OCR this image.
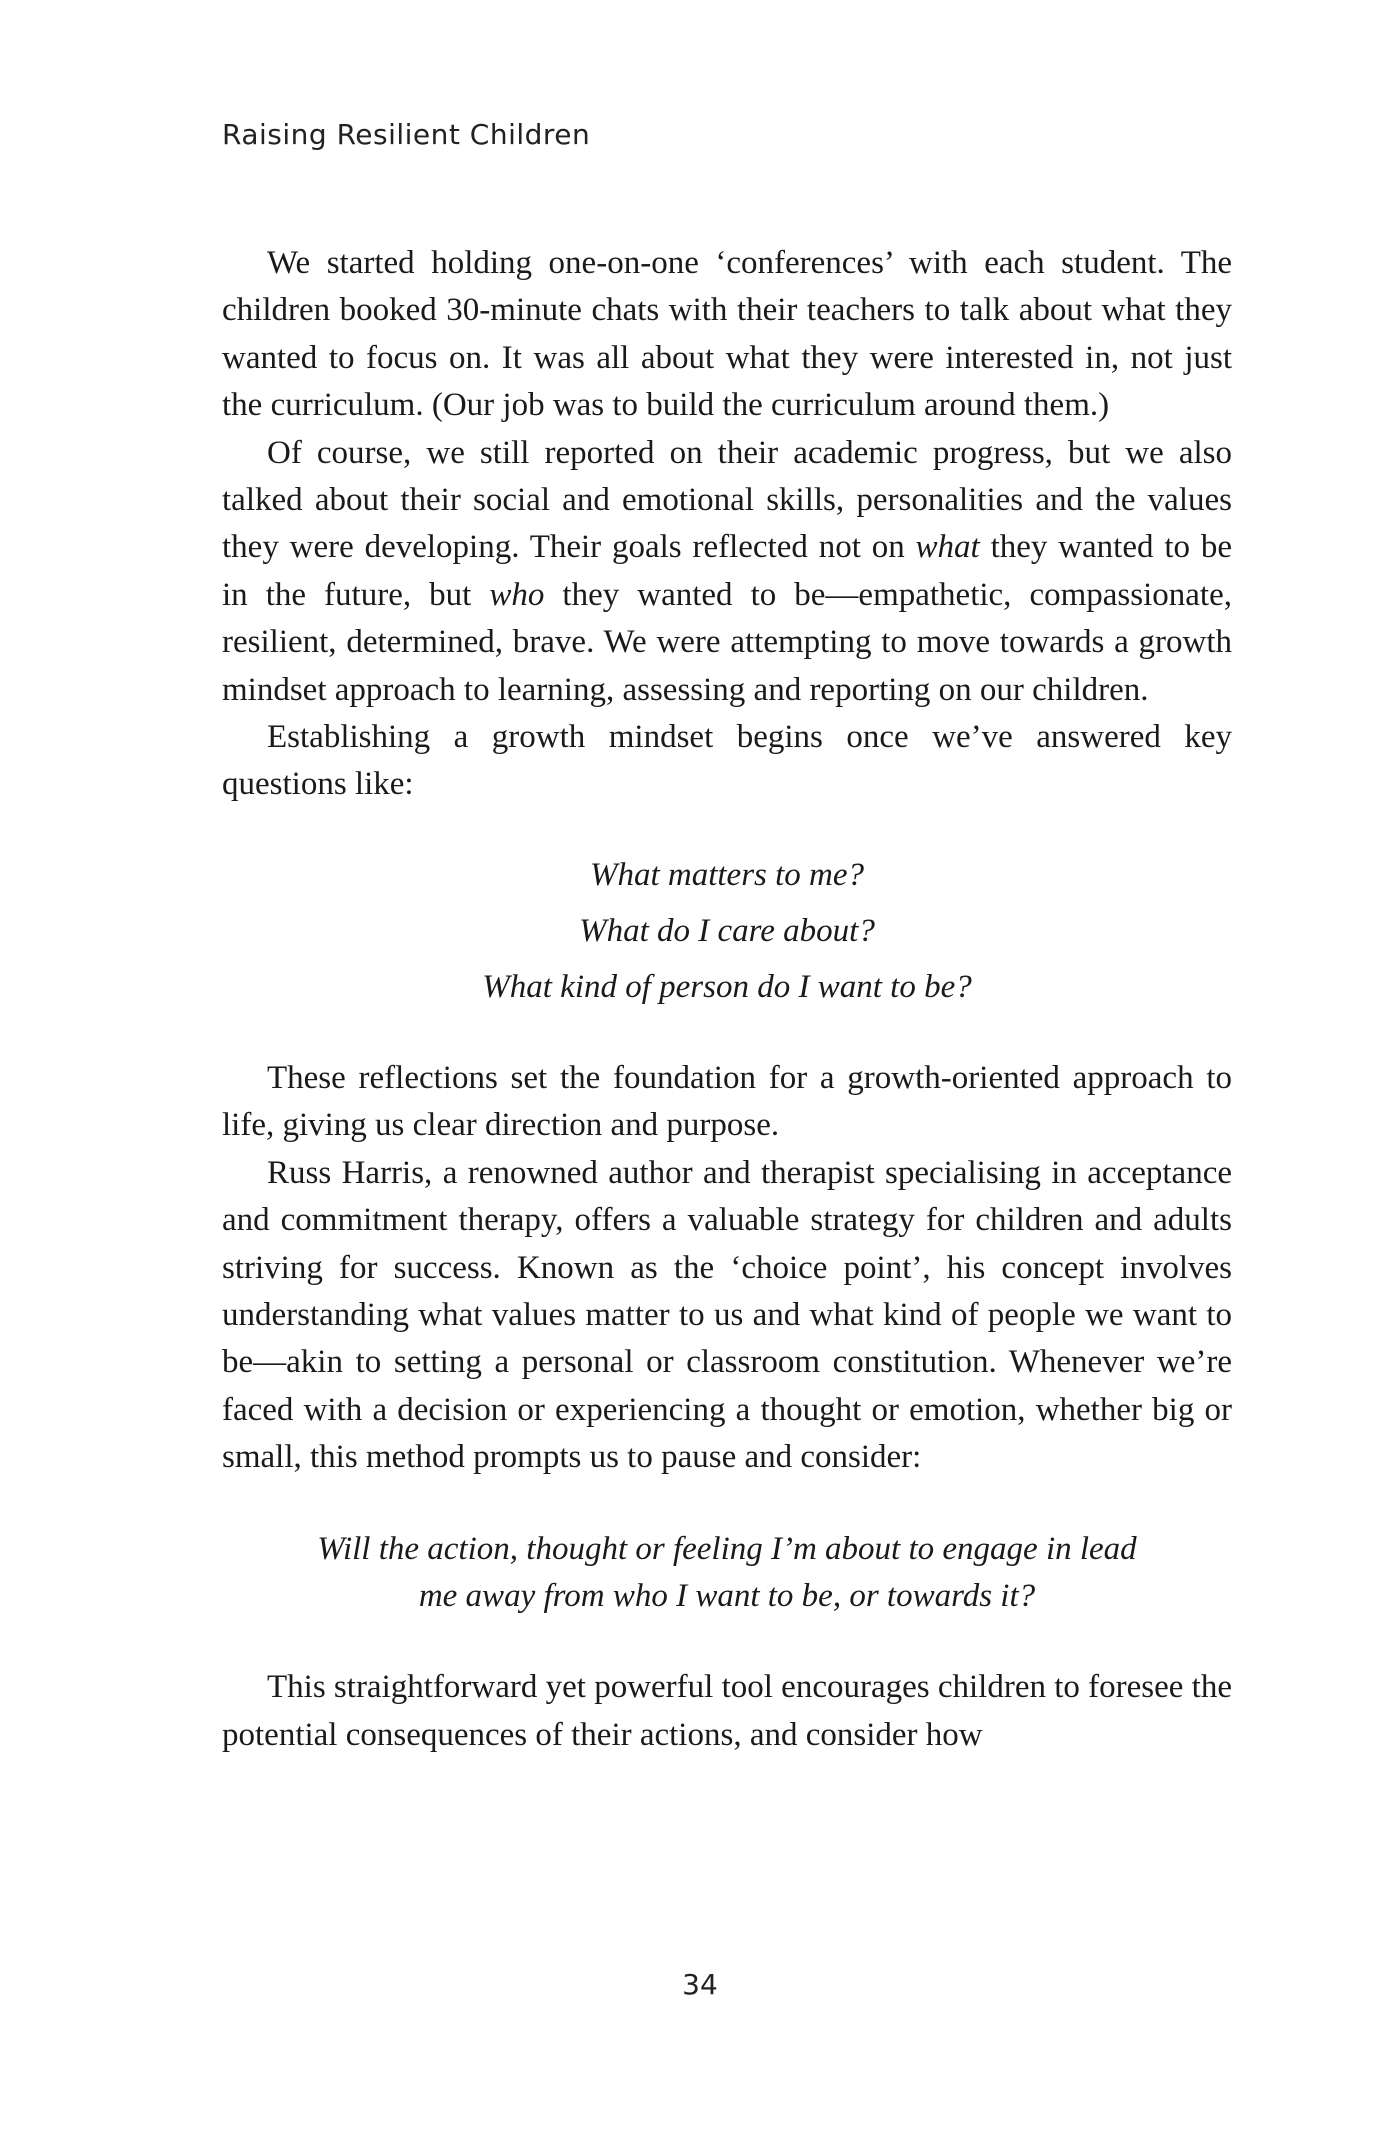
Raising Resilient Children

We started holding one-on-one ‘conferences’ with each student. The children booked 30-minute chats with their teachers to talk about what they wanted to focus on. It was all about what they were interested in, not just the curriculum. (Our job was to build the curriculum around them.)

Of course, we still reported on their academic progress, but we also talked about their social and emotional skills, personalities and the values they were developing. Their goals reflected not on what they wanted to be in the future, but who they wanted to be—empathetic, compassionate, resilient, determined, brave. We were attempting to move towards a growth mindset approach to learning, assessing and reporting on our children.

Establishing a growth mindset begins once we’ve answered key questions like:

What matters to me?
What do I care about?
What kind of person do I want to be?

These reflections set the foundation for a growth-oriented approach to life, giving us clear direction and purpose.

Russ Harris, a renowned author and therapist specialising in acceptance and commitment therapy, offers a valuable strategy for children and adults striving for success. Known as the ‘choice point’, his concept involves understanding what values matter to us and what kind of people we want to be—akin to setting a personal or classroom constitution. Whenever we’re faced with a decision or experiencing a thought or emotion, whether big or small, this method prompts us to pause and consider:

Will the action, thought or feeling I’m about to engage in lead
me away from who I want to be, or towards it?

This straightforward yet powerful tool encourages children to foresee the potential consequences of their actions, and consider how

34
